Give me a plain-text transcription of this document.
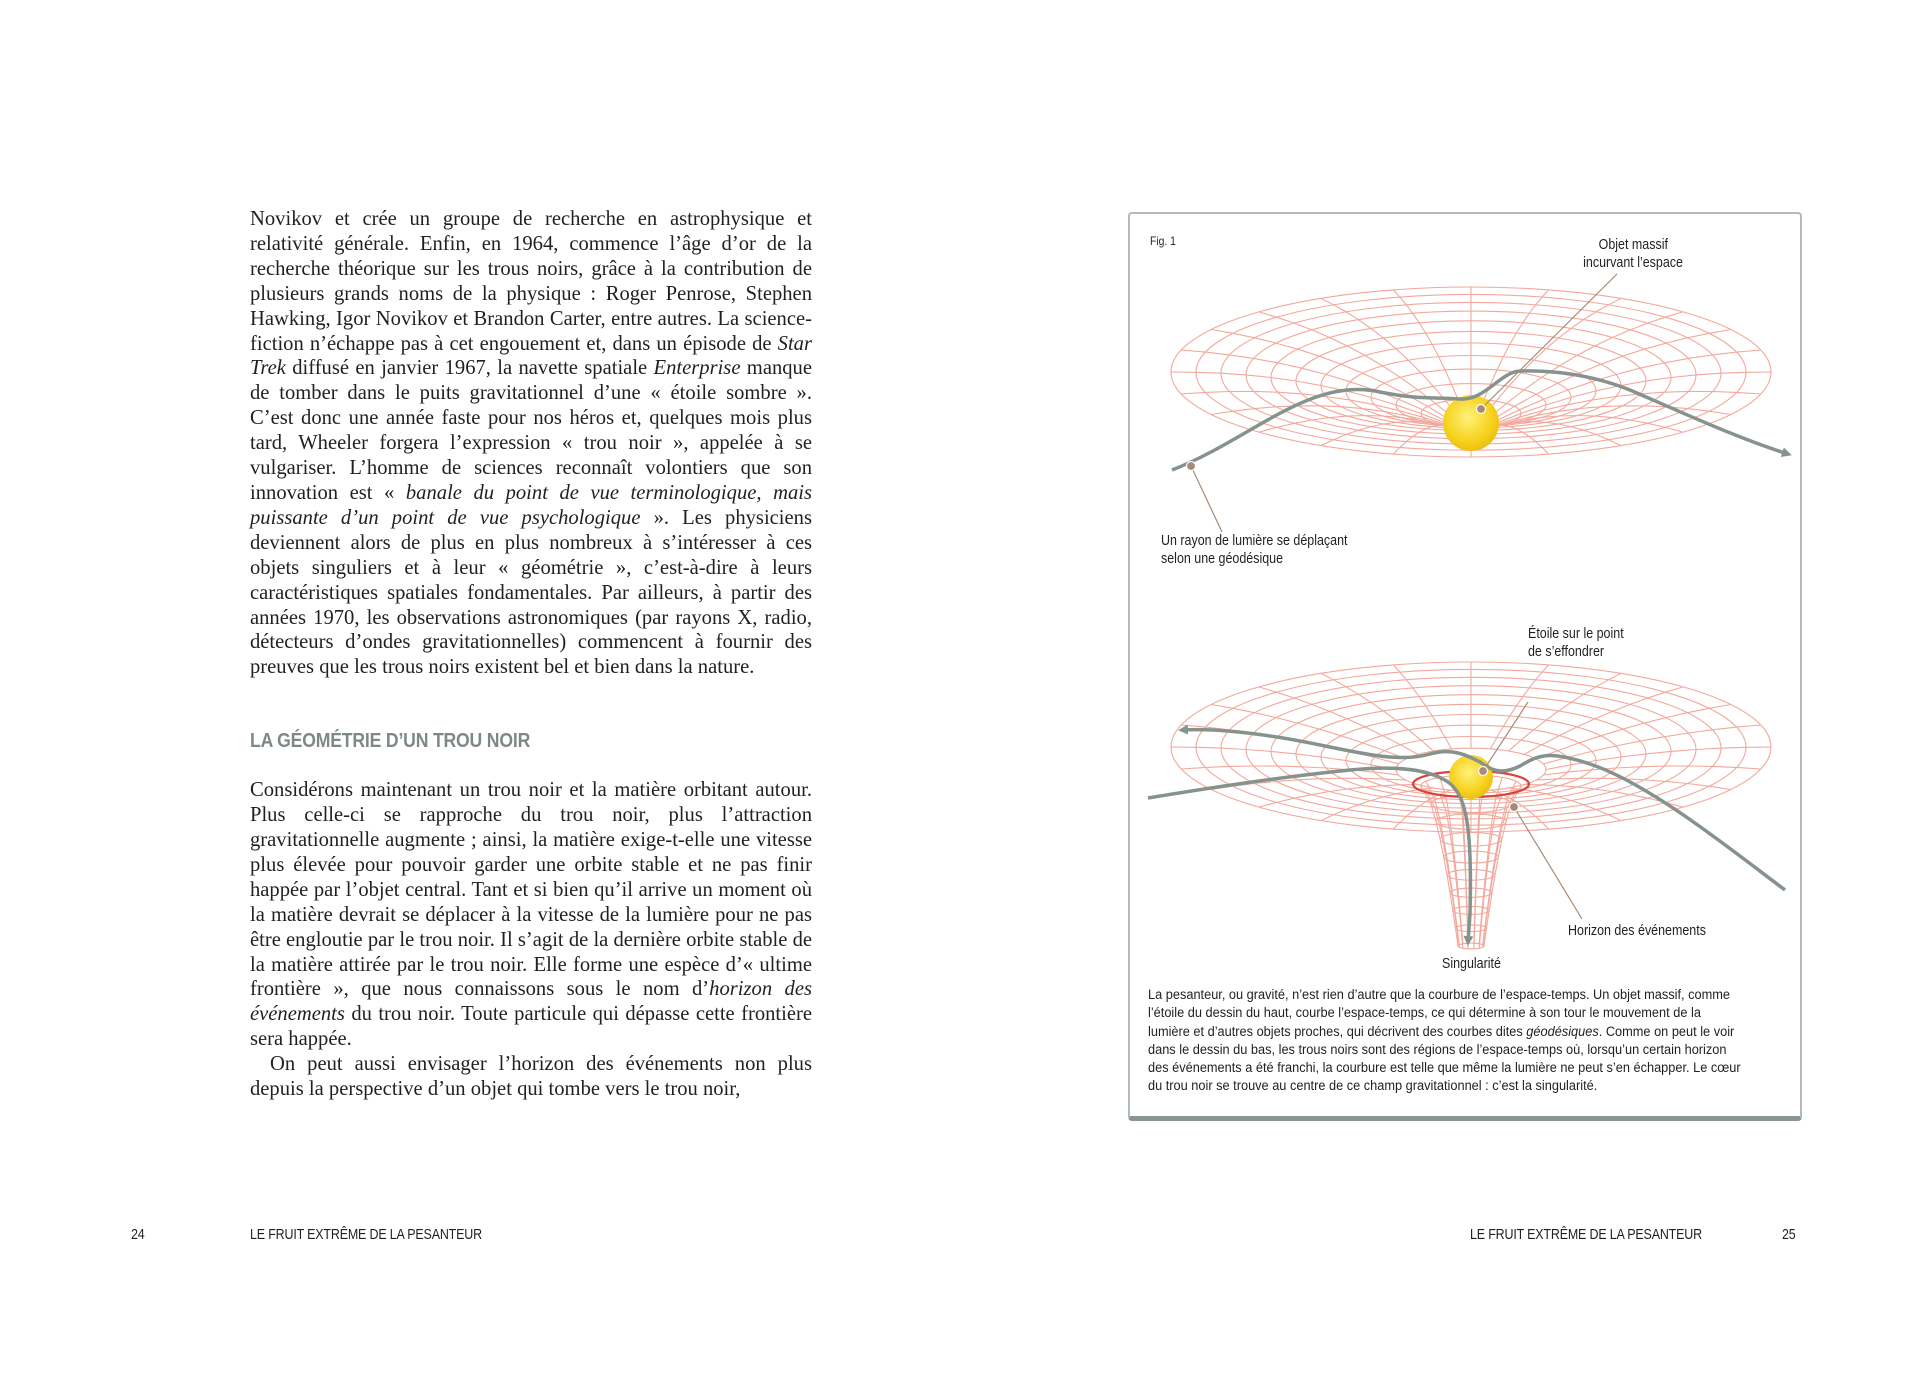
Novikov et crée un groupe de recherche en astrophysique et relativité générale. Enfin, en 1964, commence l’âge d’or de la recherche théorique sur les trous noirs, grâce à la contribution de plusieurs grands noms de la physique : Roger Penrose, Stephen Hawking, Igor Novikov et Brandon Carter, entre autres. La science-fiction n’échappe pas à cet engouement et, dans un épisode de Star Trek diffusé en janvier 1967, la navette spatiale Enterprise manque de tomber dans le puits gravitationnel d’une « étoile sombre ». C’est donc une année faste pour nos héros et, quelques mois plus tard, Wheeler forgera l’expression « trou noir », appelée à se vulgariser. L’homme de sciences reconnaît volontiers que son innovation est « banale du point de vue terminologique, mais puissante d’un point de vue psychologique ». Les physiciens deviennent alors de plus en plus nombreux à s’intéresser à ces objets singuliers et à leur « géométrie », c’est-à-dire à leurs caractéristiques spatiales fondamentales. Par ailleurs, à partir des années 1970, les observations astronomiques (par rayons X, radio, détecteurs d’ondes gravitationnelles) commencent à fournir des preuves que les trous noirs existent bel et bien dans la nature.

LA GÉOMÉTRIE D’UN TROU NOIR

Considérons maintenant un trou noir et la matière orbitant autour. Plus celle-ci se rapproche du trou noir, plus l’attraction gravitationnelle augmente ; ainsi, la matière exige-t-elle une vitesse plus élevée pour pouvoir garder une orbite stable et ne pas finir happée par l’objet central. Tant et si bien qu’il arrive un moment où la matière devrait se déplacer à la vitesse de la lumière pour ne pas être engloutie par le trou noir. Il s’agit de la dernière orbite stable de la matière attirée par le trou noir. Elle forme une espèce d’« ultime frontière », que nous connaissons sous le nom d’horizon des événements du trou noir. Toute particule qui dépasse cette frontière sera happée.

On peut aussi envisager l’horizon des événements non plus depuis la perspective d’un objet qui tombe vers le trou noir,

24	LE FRUIT EXTRÊME DE LA PESANTEUR	LE FRUIT EXTRÊME DE LA PESANTEUR	25
Fig. 1	Objet massif
incurvant l’espace
Un rayon de lumière se déplaçant
selon une géodésique
Étoile sur le point
de s’effondrer
Horizon des événements
Singularité
La pesanteur, ou gravité, n’est rien d’autre que la courbure de l’espace-temps. Un objet massif, comme l’étoile du dessin du haut, courbe l’espace-temps, ce qui détermine à son tour le mouvement de la lumière et d’autres objets proches, qui décrivent des courbes dites géodésiques. Comme on peut le voir dans le dessin du bas, les trous noirs sont des régions de l’espace-temps où, lorsqu’un certain horizon des événements a été franchi, la courbure est telle que même la lumière ne peut s’en échapper. Le cœur du trou noir se trouve au centre de ce champ gravitationnel : c’est la singularité.
